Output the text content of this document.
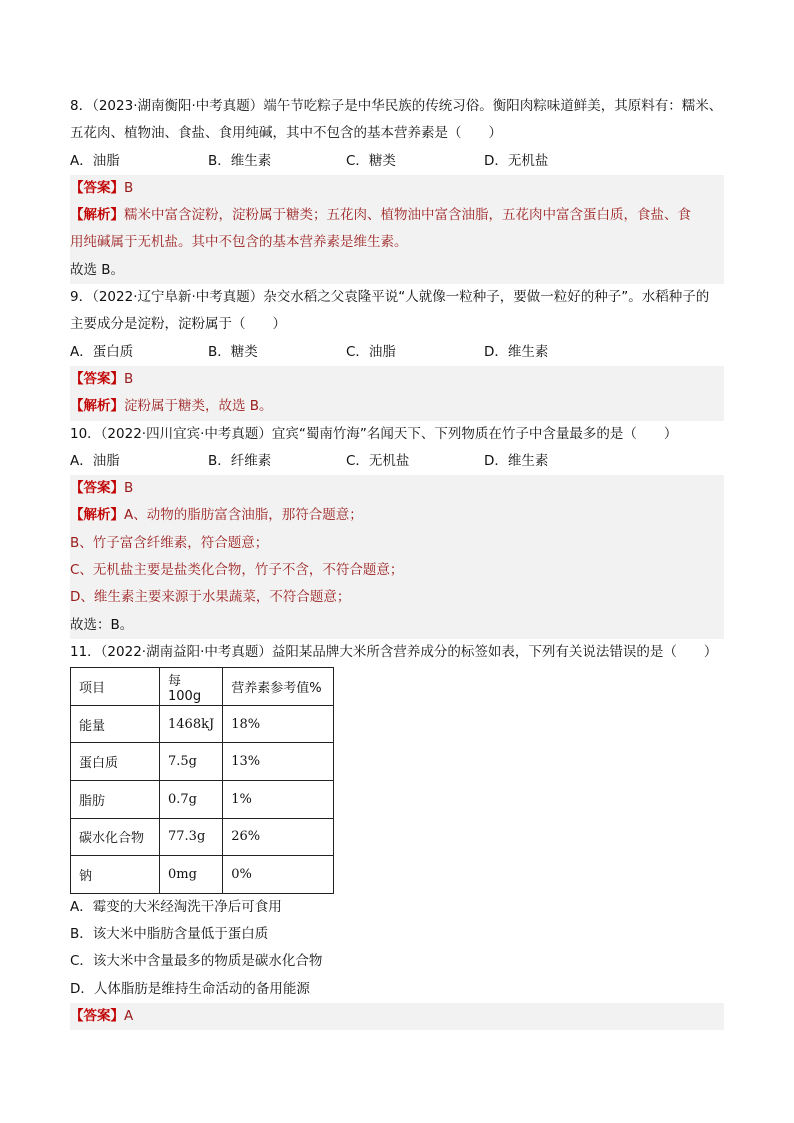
8．（2023·湖南衡阳·中考真题）端午节吃粽子是中华民族的传统习俗。衡阳肉粽味道鲜美，其原料有：糯米、
五花肉、植物油、食盐、食用纯碱，其中不包含的基本营养素是（　　）
A．油脂	B．维生素	C．糖类	D．无机盐
【答案】B
【解析】糯米中富含淀粉，淀粉属于糖类；五花肉、植物油中富含油脂，五花肉中富含蛋白质，食盐、食
用纯碱属于无机盐。其中不包含的基本营养素是维生素。
故选 B。
9．（2022·辽宁阜新·中考真题）杂交水稻之父袁隆平说“人就像一粒种子，要做一粒好的种子”。水稻种子的
主要成分是淀粉，淀粉属于（　　）
A．蛋白质	B．糖类	C．油脂	D．维生素
【答案】B
【解析】淀粉属于糖类，故选 B。
10．（2022·四川宜宾·中考真题）宜宾“蜀南竹海”名闻天下、下列物质在竹子中含量最多的是（　　）
A．油脂	B．纤维素	C．无机盐	D．维生素
【答案】B
【解析】A、动物的脂肪富含油脂，那符合题意；
B、竹子富含纤维素，符合题意；
C、无机盐主要是盐类化合物，竹子不含，不符合题意；
D、维生素主要来源于水果蔬菜，不符合题意；
故选：B。
11．（2022·湖南益阳·中考真题）益阳某品牌大米所含营养成分的标签如表，下列有关说法错误的是（　　）
项目	每 100g	营养素参考值%
能量	1468kJ	18%
蛋白质	7.5g	13%
脂肪	0.7g	1%
碳水化合物	77.3g	26%
钠	0mg	0%
A．霉变的大米经淘洗干净后可食用
B．该大米中脂肪含量低于蛋白质
C．该大米中含量最多的物质是碳水化合物
D．人体脂肪是维持生命活动的备用能源
【答案】A
